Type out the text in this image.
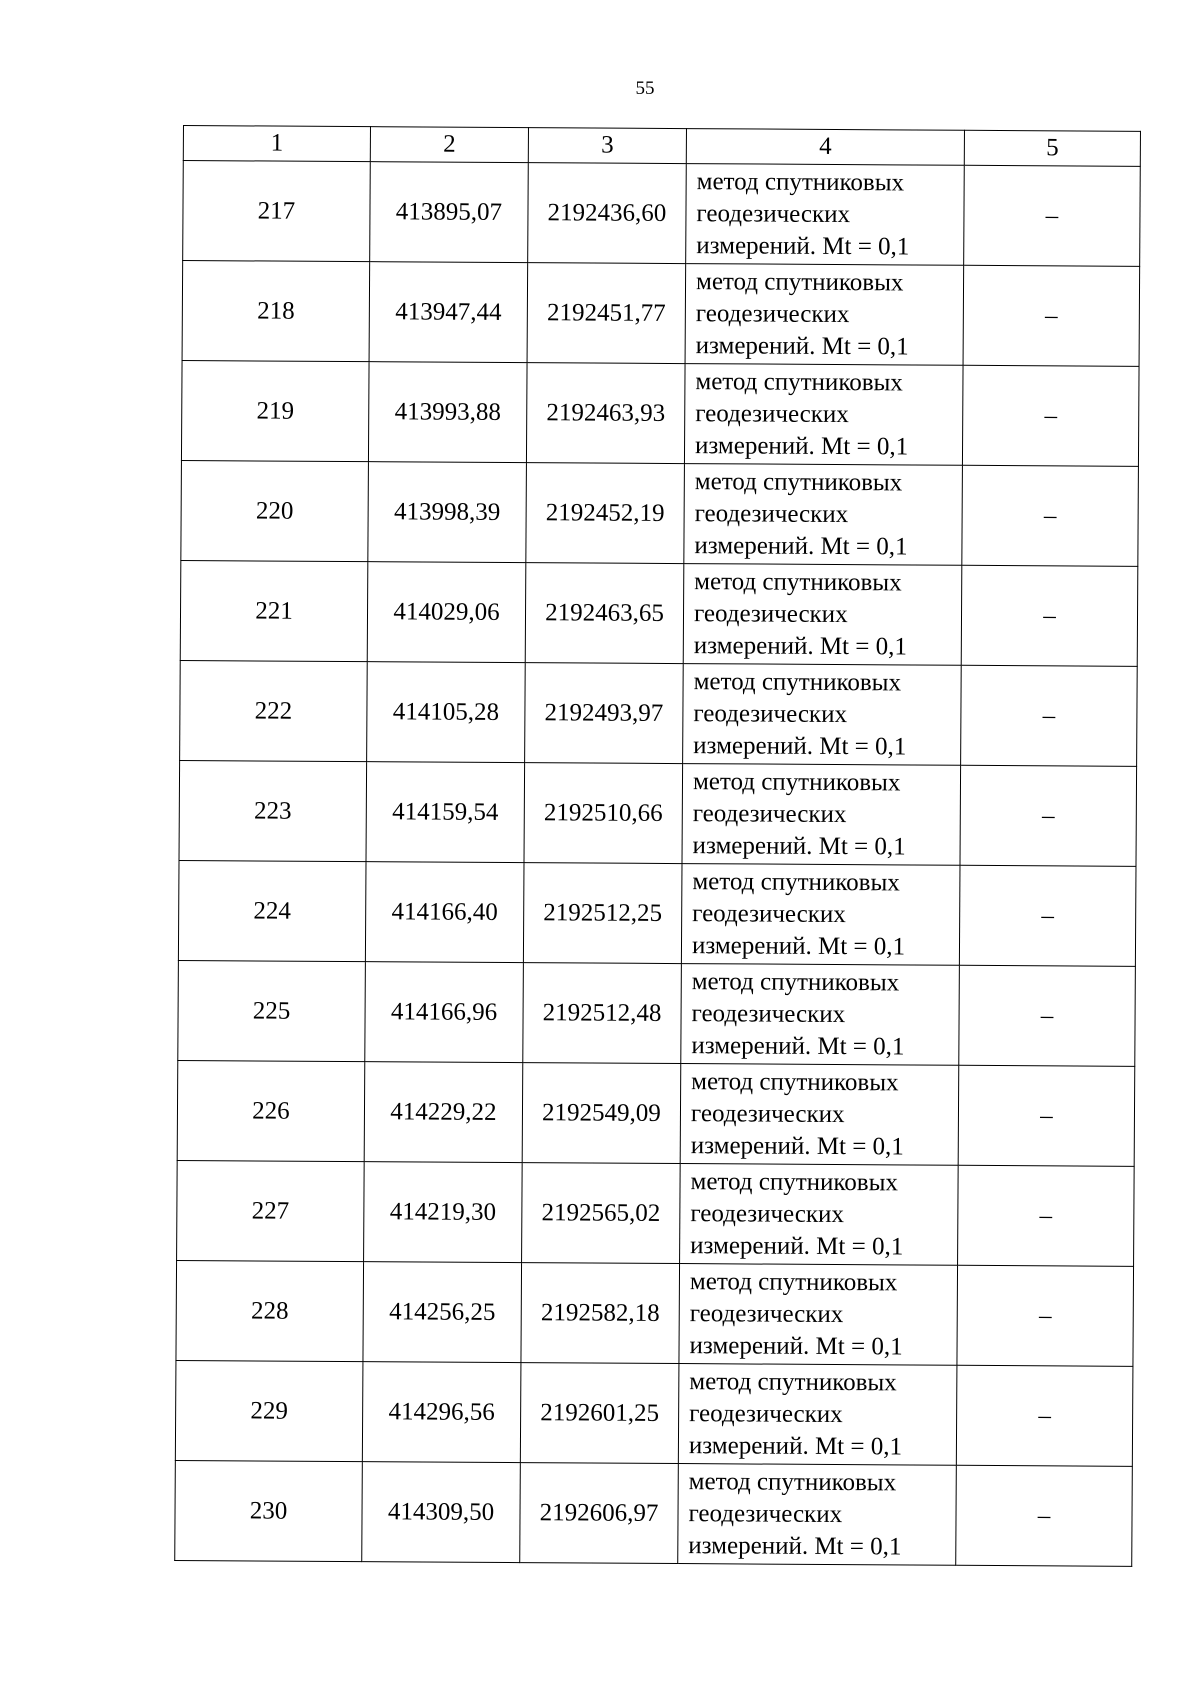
55
1	2	3	4	5
217	413895,07	2192436,60	метод спутниковых
геодезических
измерений. Mt = 0,1	–
218	413947,44	2192451,77	метод спутниковых
геодезических
измерений. Mt = 0,1	–
219	413993,88	2192463,93	метод спутниковых
геодезических
измерений. Mt = 0,1	–
220	413998,39	2192452,19	метод спутниковых
геодезических
измерений. Mt = 0,1	–
221	414029,06	2192463,65	метод спутниковых
геодезических
измерений. Mt = 0,1	–
222	414105,28	2192493,97	метод спутниковых
геодезических
измерений. Mt = 0,1	–
223	414159,54	2192510,66	метод спутниковых
геодезических
измерений. Mt = 0,1	–
224	414166,40	2192512,25	метод спутниковых
геодезических
измерений. Mt = 0,1	–
225	414166,96	2192512,48	метод спутниковых
геодезических
измерений. Mt = 0,1	–
226	414229,22	2192549,09	метод спутниковых
геодезических
измерений. Mt = 0,1	–
227	414219,30	2192565,02	метод спутниковых
геодезических
измерений. Mt = 0,1	–
228	414256,25	2192582,18	метод спутниковых
геодезических
измерений. Mt = 0,1	–
229	414296,56	2192601,25	метод спутниковых
геодезических
измерений. Mt = 0,1	–
230	414309,50	2192606,97	метод спутниковых
геодезических
измерений. Mt = 0,1	–
